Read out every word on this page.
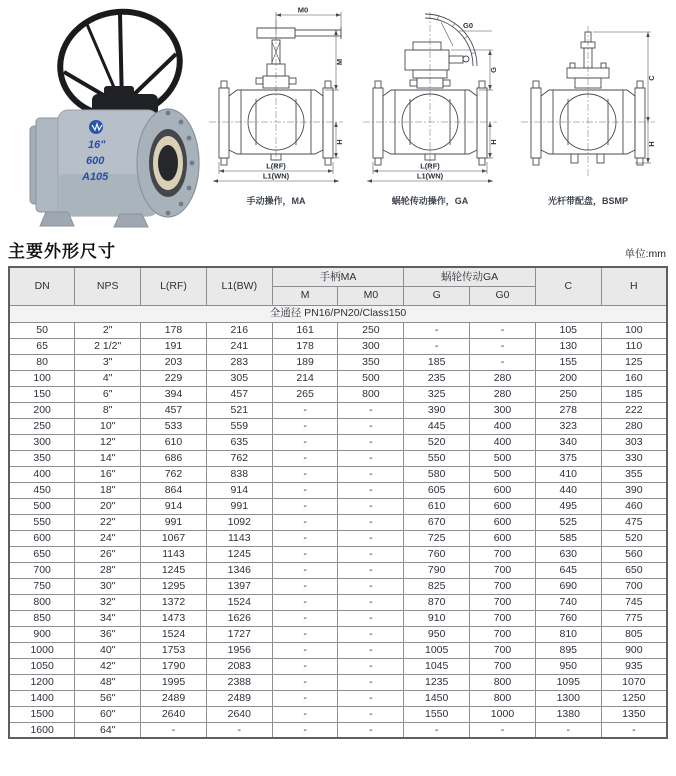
16"
600
A105
M0
M
H
L(RF)
L1(WN)
手动操作，MA
G0
G
H
L(RF)
L1(WN)
蜗轮传动操作，GA
C
H
光杆带配盘，BSMP
主要外形尺寸	单位:mm
DN	NPS	L(RF)	L1(BW)	手柄MA		蜗轮传动GA		C	H
				M	M0	G	G0		
全通径 PN16/PN20/Class150									
50	2"	178	216	161	250	-	-	105	100
65	2 1/2"	191	241	178	300	-	-	130	110
80	3"	203	283	189	350	185	-	155	125
100	4"	229	305	214	500	235	280	200	160
150	6"	394	457	265	800	325	280	250	185
200	8"	457	521	-	-	390	300	278	222
250	10"	533	559	-	-	445	400	323	280
300	12"	610	635	-	-	520	400	340	303
350	14"	686	762	-	-	550	500	375	330
400	16"	762	838	-	-	580	500	410	355
450	18"	864	914	-	-	605	600	440	390
500	20"	914	991	-	-	610	600	495	460
550	22"	991	1092	-	-	670	600	525	475
600	24"	1067	1143	-	-	725	600	585	520
650	26"	1143	1245	-	-	760	700	630	560
700	28"	1245	1346	-	-	790	700	645	650
750	30"	1295	1397	-	-	825	700	690	700
800	32"	1372	1524	-	-	870	700	740	745
850	34"	1473	1626	-	-	910	700	760	775
900	36"	1524	1727	-	-	950	700	810	805
1000	40"	1753	1956	-	-	1005	700	895	900
1050	42"	1790	2083	-	-	1045	700	950	935
1200	48"	1995	2388	-	-	1235	800	1095	1070
1400	56"	2489	2489	-	-	1450	800	1300	1250
1500	60"	2640	2640	-	-	1550	1000	1380	1350
1600	64"	-	-	-	-	-	-	-	-
